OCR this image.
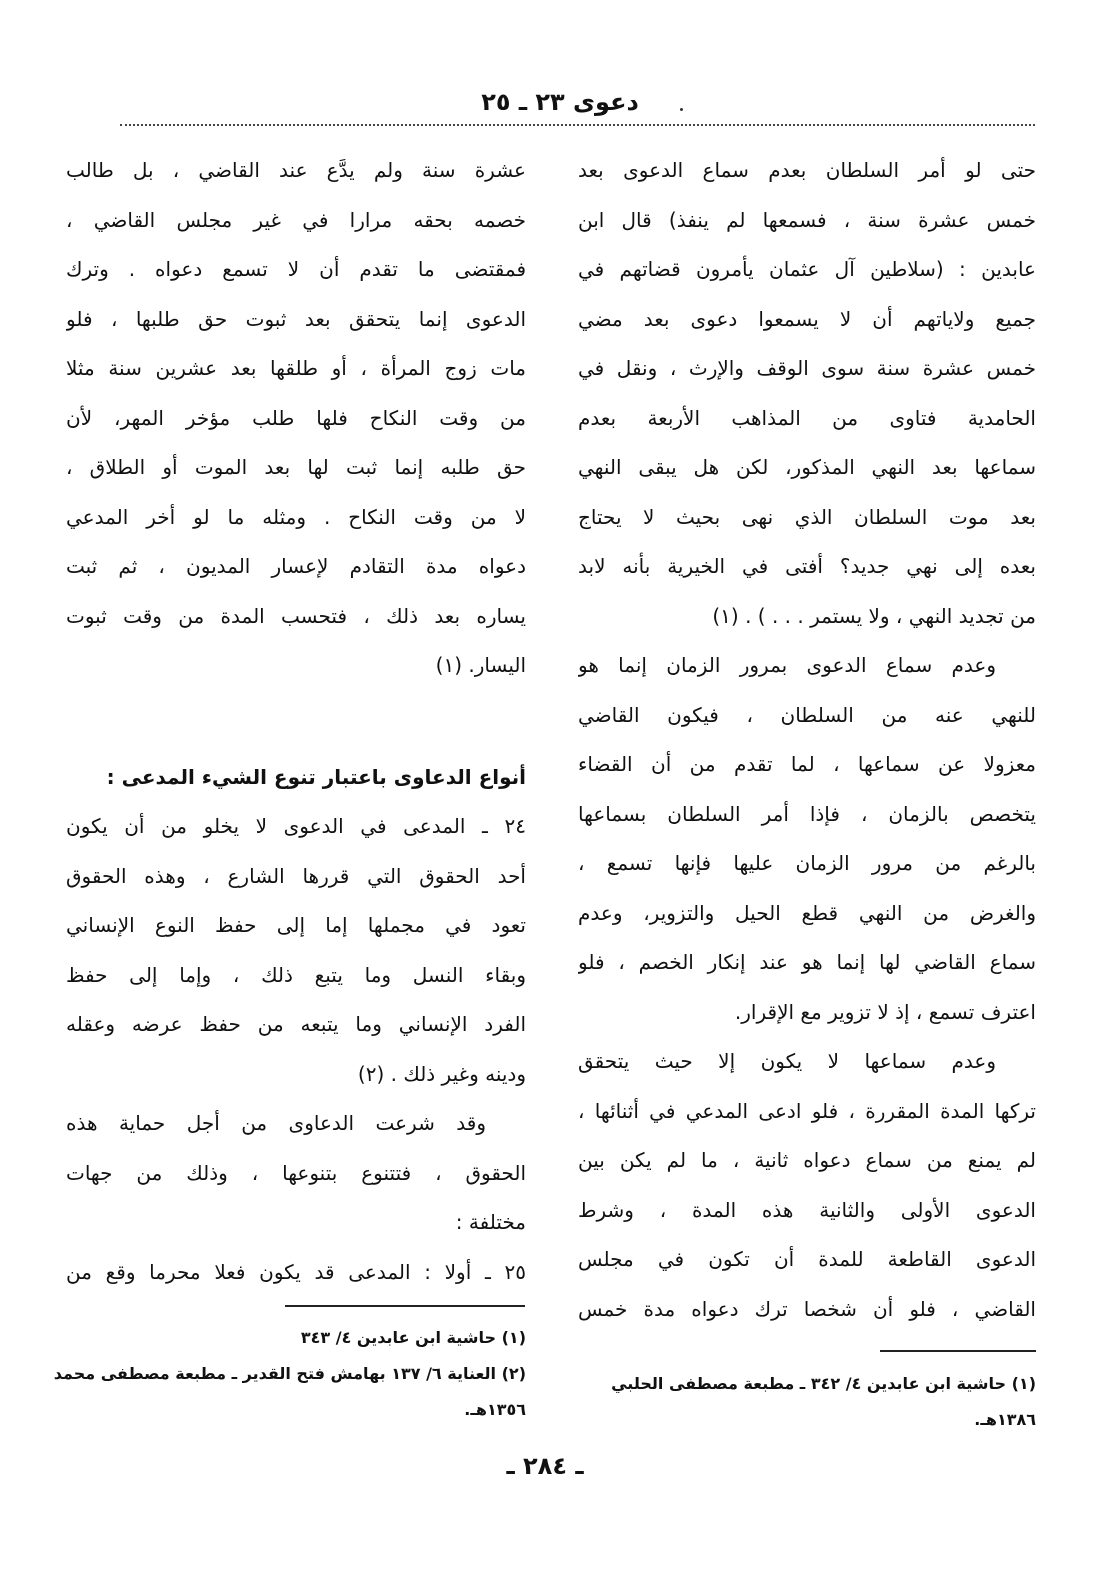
دعوى ٢٣ ـ ٢٥
حتى لو أمر السلطان بعدم سماع الدعوى بعد
خمس عشرة سنة ، فسمعها لم ينفذ) قال ابن
عابدين : (سلاطين آل عثمان يأمرون قضاتهم في
جميع ولاياتهم أن لا يسمعوا دعوى بعد مضي
خمس عشرة سنة سوى الوقف والإرث ، ونقل في
الحامدية فتاوى من المذاهب الأربعة بعدم
سماعها بعد النهي المذكور، لكن هل يبقى النهي
بعد موت السلطان الذي نهى بحيث لا يحتاج
بعده إلى نهي جديد؟ أفتى في الخيرية بأنه لابد
من تجديد النهي ، ولا يستمر . . . ) . (١)
وعدم سماع الدعوى بمرور الزمان إنما هو
للنهي عنه من السلطان ، فيكون القاضي
معزولا عن سماعها ، لما تقدم من أن القضاء
يتخصص بالزمان ، فإذا أمر السلطان بسماعها
بالرغم من مرور الزمان عليها فإنها تسمع ،
والغرض من النهي قطع الحيل والتزوير، وعدم
سماع القاضي لها إنما هو عند إنكار الخصم ، فلو
اعترف تسمع ، إذ لا تزوير مع الإقرار.
وعدم سماعها لا يكون إلا حيث يتحقق
تركها المدة المقررة ، فلو ادعى المدعي في أثنائها ،
لم يمنع من سماع دعواه ثانية ، ما لم يكن بين
الدعوى الأولى والثانية هذه المدة ، وشرط
الدعوى القاطعة للمدة أن تكون في مجلس
القاضي ، فلو أن شخصا ترك دعواه مدة خمس
عشرة سنة ولم يدَّع عند القاضي ، بل طالب
خصمه بحقه مرارا في غير مجلس القاضي ،
فمقتضى ما تقدم أن لا تسمع دعواه . وترك
الدعوى إنما يتحقق بعد ثبوت حق طلبها ، فلو
مات زوج المرأة ، أو طلقها بعد عشرين سنة مثلا
من وقت النكاح فلها طلب مؤخر المهر، لأن
حق طلبه إنما ثبت لها بعد الموت أو الطلاق ،
لا من وقت النكاح . ومثله ما لو أخر المدعي
دعواه مدة التقادم لإعسار المديون ، ثم ثبت
يساره بعد ذلك ، فتحسب المدة من وقت ثبوت
اليسار. (١)
أنواع الدعاوى باعتبار تنوع الشيء المدعى :
٢٤ ـ المدعى في الدعوى لا يخلو من أن يكون
أحد الحقوق التي قررها الشارع ، وهذه الحقوق
تعود في مجملها إما إلى حفظ النوع الإنساني
وبقاء النسل وما يتبع ذلك ، وإما إلى حفظ
الفرد الإنساني وما يتبعه من حفظ عرضه وعقله
ودينه وغير ذلك . (٢)
وقد شرعت الدعاوى من أجل حماية هذه
الحقوق ، فتتنوع بتنوعها ، وذلك من جهات
مختلفة :
٢٥ ـ أولا : المدعى قد يكون فعلا محرما وقع من
(١) حاشية ابن عابدين ٤/ ٣٤٢ ـ مطبعة مصطفى الحلبي
١٣٨٦هـ.
(١) حاشية ابن عابدين ٤/ ٣٤٣
(٢) العناية ٦/ ١٣٧ بهامش فتح القدير ـ مطبعة مصطفى محمد
١٣٥٦هـ.
ـ ٢٨٤ ـ
